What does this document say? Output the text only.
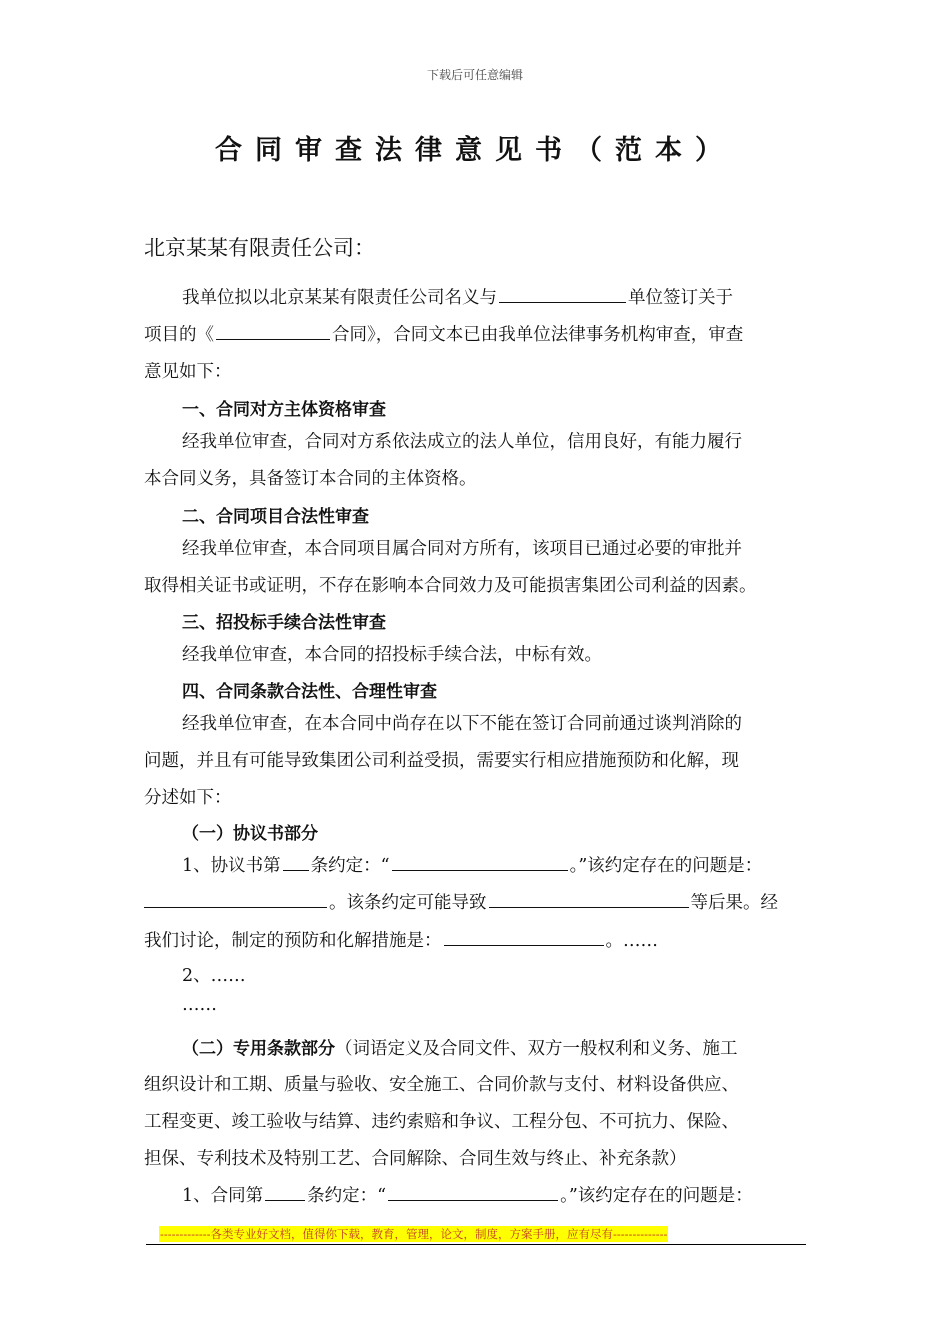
下载后可任意编辑
合同审查法律意见书（范本）
北京某某有限责任公司：
我单位拟以北京某某有限责任公司名义与	单位签订关于
项目的《	合同》，合同文本已由我单位法律事务机构审查，审查
意见如下：
一、合同对方主体资格审查
经我单位审查，合同对方系依法成立的法人单位，信用良好，有能力履行
本合同义务，具备签订本合同的主体资格。
二、合同项目合法性审查
经我单位审查，本合同项目属合同对方所有，该项目已通过必要的审批并
取得相关证书或证明，不存在影响本合同效力及可能损害集团公司利益的因素。
三、招投标手续合法性审查
经我单位审查，本合同的招投标手续合法，中标有效。
四、合同条款合法性、合理性审查
经我单位审查，在本合同中尚存在以下不能在签订合同前通过谈判消除的
问题，并且有可能导致集团公司利益受损，需要实行相应措施预防和化解，现
分述如下：
（一）协议书部分
1、协议书第 条约定：“	。”该约定存在的问题是：
。该条约定可能导致	等后果。经
我们讨论，制定的预防和化解措施是：	。……
2、……
……
（二）专用条款部分（词语定义及合同文件、双方一般权利和义务、施工
组织设计和工期、质量与验收、安全施工、合同价款与支付、材料设备供应、
工程变更、竣工验收与结算、违约索赔和争议、工程分包、不可抗力、保险、
担保、专利技术及特别工艺、合同解除、合同生效与终止、补充条款）
1、合同第	条约定：“	。”该约定存在的问题是：
-------------各类专业好文档，值得你下载，教育，管理，论文，制度，方案手册，应有尽有--------------
